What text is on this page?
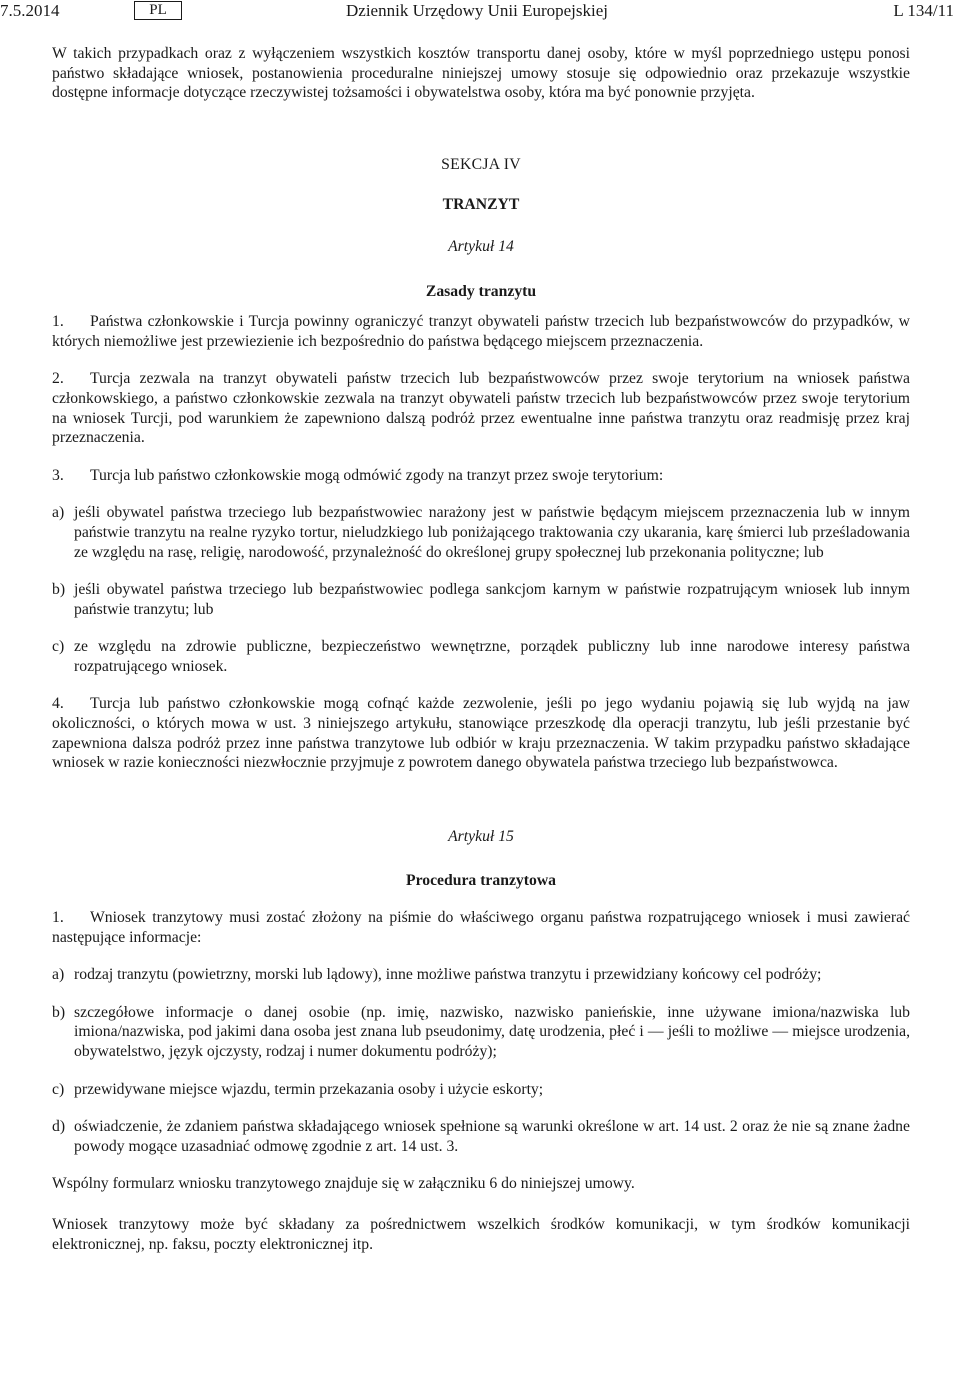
7.5.2014	PL	Dziennik Urzędowy Unii Europejskiej	L 134/11

W takich przypadkach oraz z wyłączeniem wszystkich kosztów transportu danej osoby, które w myśl poprzedniego ustępu ponosi państwo składające wniosek, postanowienia proceduralne niniejszej umowy stosuje się odpowiednio oraz przekazuje wszystkie dostępne informacje dotyczące rzeczywistej tożsamości i obywatelstwa osoby, która ma być ponownie przyjęta.

SEKCJA IV

TRANZYT

Artykuł 14

Zasady tranzytu

1. Państwa członkowskie i Turcja powinny ograniczyć tranzyt obywateli państw trzecich lub bezpaństwowców do przypadków, w których niemożliwe jest przewiezienie ich bezpośrednio do państwa będącego miejscem przeznaczenia.

2. Turcja zezwala na tranzyt obywateli państw trzecich lub bezpaństwowców przez swoje terytorium na wniosek państwa członkowskiego, a państwo członkowskie zezwala na tranzyt obywateli państw trzecich lub bezpaństwowców przez swoje terytorium na wniosek Turcji, pod warunkiem że zapewniono dalszą podróż przez ewentualne inne państwa tranzytu oraz readmisję przez kraj przeznaczenia.

3. Turcja lub państwo członkowskie mogą odmówić zgody na tranzyt przez swoje terytorium:

a) jeśli obywatel państwa trzeciego lub bezpaństwowiec narażony jest w państwie będącym miejscem przeznaczenia lub w innym państwie tranzytu na realne ryzyko tortur, nieludzkiego lub poniżającego traktowania czy ukarania, karę śmierci lub prześladowania ze względu na rasę, religię, narodowość, przynależność do określonej grupy społecznej lub przekonania polityczne; lub
b) jeśli obywatel państwa trzeciego lub bezpaństwowiec podlega sankcjom karnym w państwie rozpatrującym wniosek lub innym państwie tranzytu; lub
c) ze względu na zdrowie publiczne, bezpieczeństwo wewnętrzne, porządek publiczny lub inne narodowe interesy państwa rozpatrującego wniosek.

4. Turcja lub państwo członkowskie mogą cofnąć każde zezwolenie, jeśli po jego wydaniu pojawią się lub wyjdą na jaw okoliczności, o których mowa w ust. 3 niniejszego artykułu, stanowiące przeszkodę dla operacji tranzytu, lub jeśli przestanie być zapewniona dalsza podróż przez inne państwa tranzytowe lub odbiór w kraju przeznaczenia. W takim przypadku państwo składające wniosek w razie konieczności niezwłocznie przyjmuje z powrotem danego obywatela państwa trzeciego lub bezpaństwowca.

Artykuł 15

Procedura tranzytowa

1. Wniosek tranzytowy musi zostać złożony na piśmie do właściwego organu państwa rozpatrującego wniosek i musi zawierać następujące informacje:

a) rodzaj tranzytu (powietrzny, morski lub lądowy), inne możliwe państwa tranzytu i przewidziany końcowy cel podróży;
b) szczegółowe informacje o danej osobie (np. imię, nazwisko, nazwisko panieńskie, inne używane imiona/nazwiska lub imiona/nazwiska, pod jakimi dana osoba jest znana lub pseudonimy, datę urodzenia, płeć i — jeśli to możliwe — miejsce urodzenia, obywatelstwo, język ojczysty, rodzaj i numer dokumentu podróży);
c) przewidywane miejsce wjazdu, termin przekazania osoby i użycie eskorty;
d) oświadczenie, że zdaniem państwa składającego wniosek spełnione są warunki określone w art. 14 ust. 2 oraz że nie są znane żadne powody mogące uzasadniać odmowę zgodnie z art. 14 ust. 3.

Wspólny formularz wniosku tranzytowego znajduje się w załączniku 6 do niniejszej umowy.

Wniosek tranzytowy może być składany za pośrednictwem wszelkich środków komunikacji, w tym środków komunikacji elektronicznej, np. faksu, poczty elektronicznej itp.
